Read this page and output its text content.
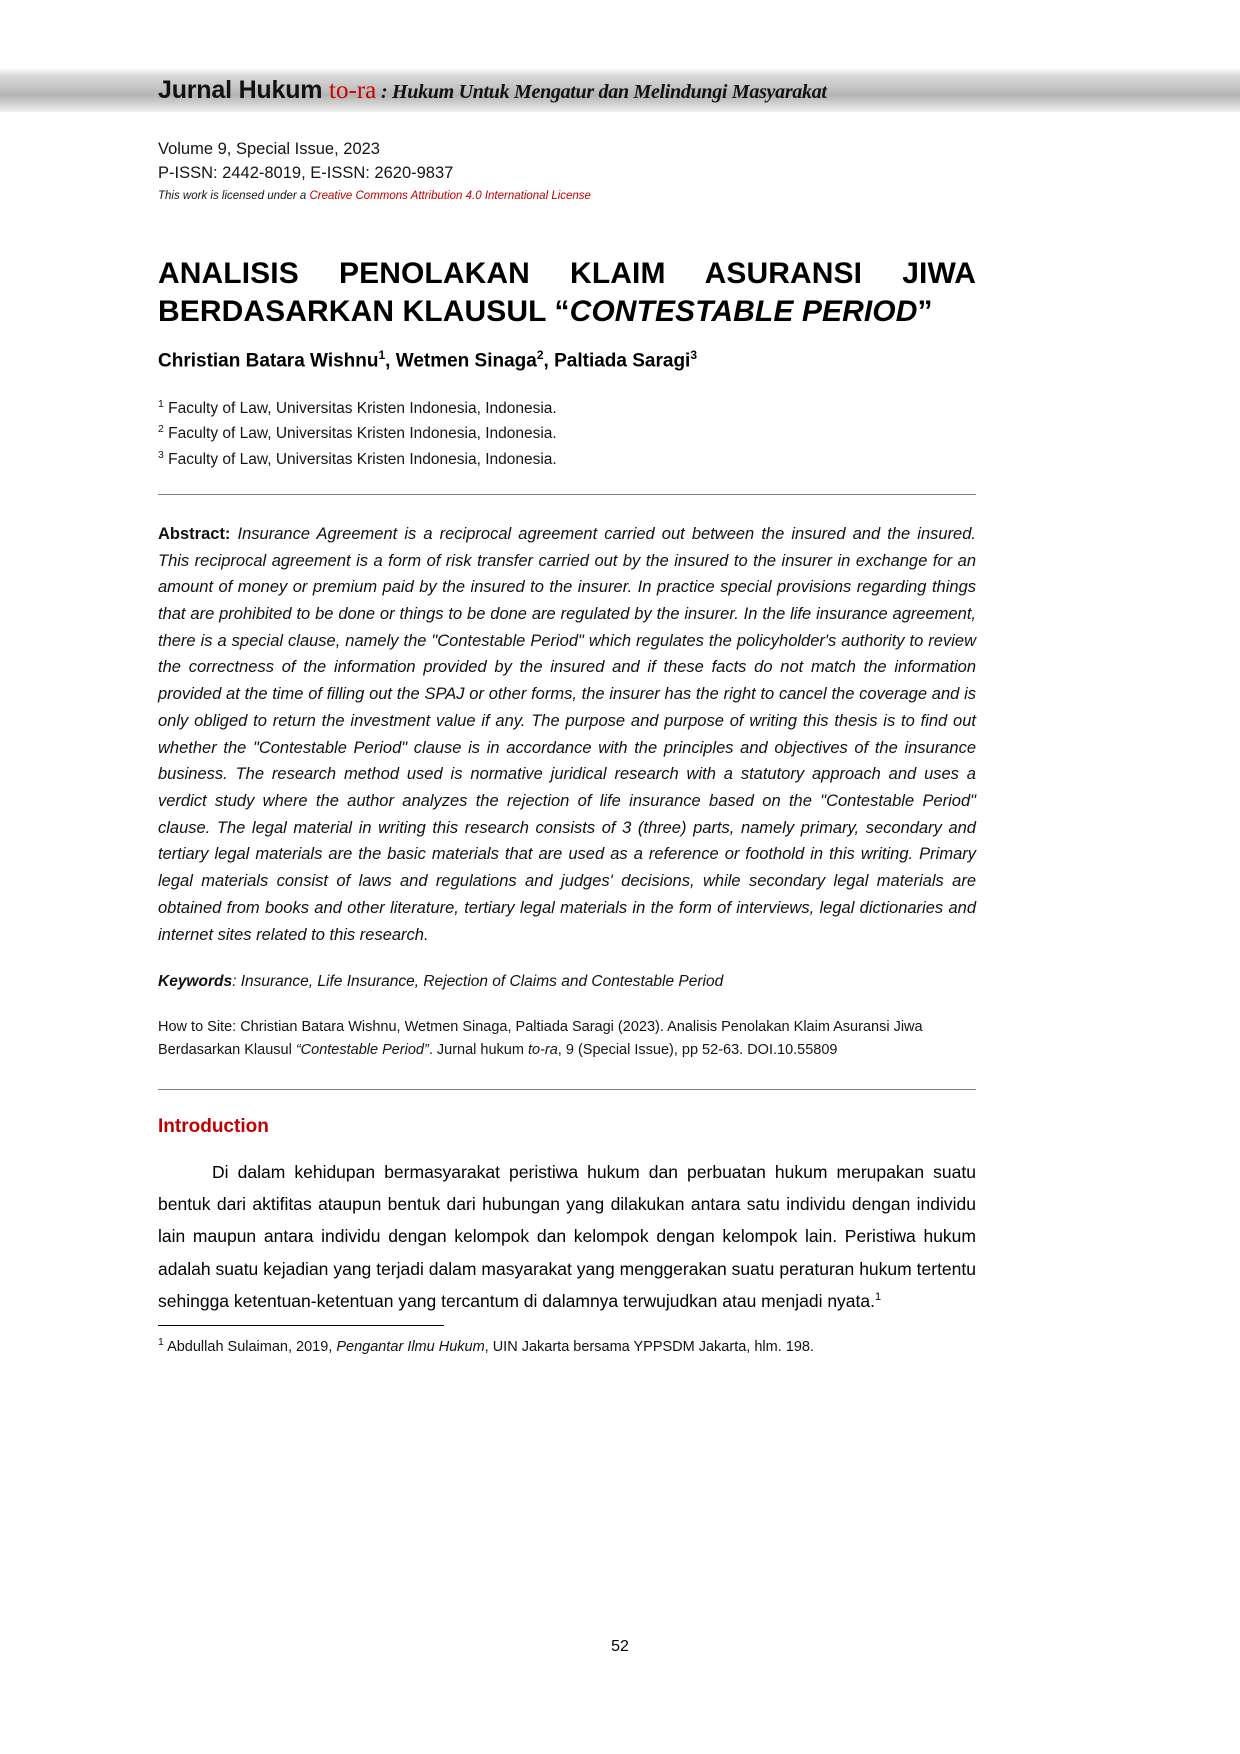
Jurnal Hukum to-ra : Hukum Untuk Mengatur dan Melindungi Masyarakat
Volume 9, Special Issue, 2023
P-ISSN: 2442-8019, E-ISSN: 2620-9837
This work is licensed under a Creative Commons Attribution 4.0 International License
ANALISIS PENOLAKAN KLAIM ASURANSI JIWA BERDASARKAN KLAUSUL “CONTESTABLE PERIOD”
Christian Batara Wishnu$^1$, Wetmen Sinaga$^2$, Paltiada Saragi$^3$
$^1$ Faculty of Law, Universitas Kristen Indonesia, Indonesia.
$^2$ Faculty of Law, Universitas Kristen Indonesia, Indonesia.
$^3$ Faculty of Law, Universitas Kristen Indonesia, Indonesia.
Abstract: Insurance Agreement is a reciprocal agreement carried out between the insured and the insured. This reciprocal agreement is a form of risk transfer carried out by the insured to the insurer in exchange for an amount of money or premium paid by the insured to the insurer. In practice special provisions regarding things that are prohibited to be done or things to be done are regulated by the insurer. In the life insurance agreement, there is a special clause, namely the "Contestable Period" which regulates the policyholder's authority to review the correctness of the information provided by the insured and if these facts do not match the information provided at the time of filling out the SPAJ or other forms, the insurer has the right to cancel the coverage and is only obliged to return the investment value if any. The purpose and purpose of writing this thesis is to find out whether the "Contestable Period" clause is in accordance with the principles and objectives of the insurance business. The research method used is normative juridical research with a statutory approach and uses a verdict study where the author analyzes the rejection of life insurance based on the "Contestable Period" clause. The legal material in writing this research consists of 3 (three) parts, namely primary, secondary and tertiary legal materials are the basic materials that are used as a reference or foothold in this writing. Primary legal materials consist of laws and regulations and judges' decisions, while secondary legal materials are obtained from books and other literature, tertiary legal materials in the form of interviews, legal dictionaries and internet sites related to this research.
Keywords: Insurance, Life Insurance, Rejection of Claims and Contestable Period
How to Site: Christian Batara Wishnu, Wetmen Sinaga, Paltiada Saragi (2023). Analisis Penolakan Klaim Asuransi Jiwa Berdasarkan Klausul “Contestable Period”. Jurnal hukum to-ra, 9 (Special Issue), pp 52-63. DOI.10.55809
Introduction
Di dalam kehidupan bermasyarakat peristiwa hukum dan perbuatan hukum merupakan suatu bentuk dari aktifitas ataupun bentuk dari hubungan yang dilakukan antara satu individu dengan individu lain maupun antara individu dengan kelompok dan kelompok dengan kelompok lain. Peristiwa hukum adalah suatu kejadian yang terjadi dalam masyarakat yang menggerakan suatu peraturan hukum tertentu sehingga ketentuan-ketentuan yang tercantum di dalamnya terwujudkan atau menjadi nyata.$^1$
$^1$ Abdullah Sulaiman, 2019, Pengantar Ilmu Hukum, UIN Jakarta bersama YPPSDM Jakarta, hlm. 198.
52
